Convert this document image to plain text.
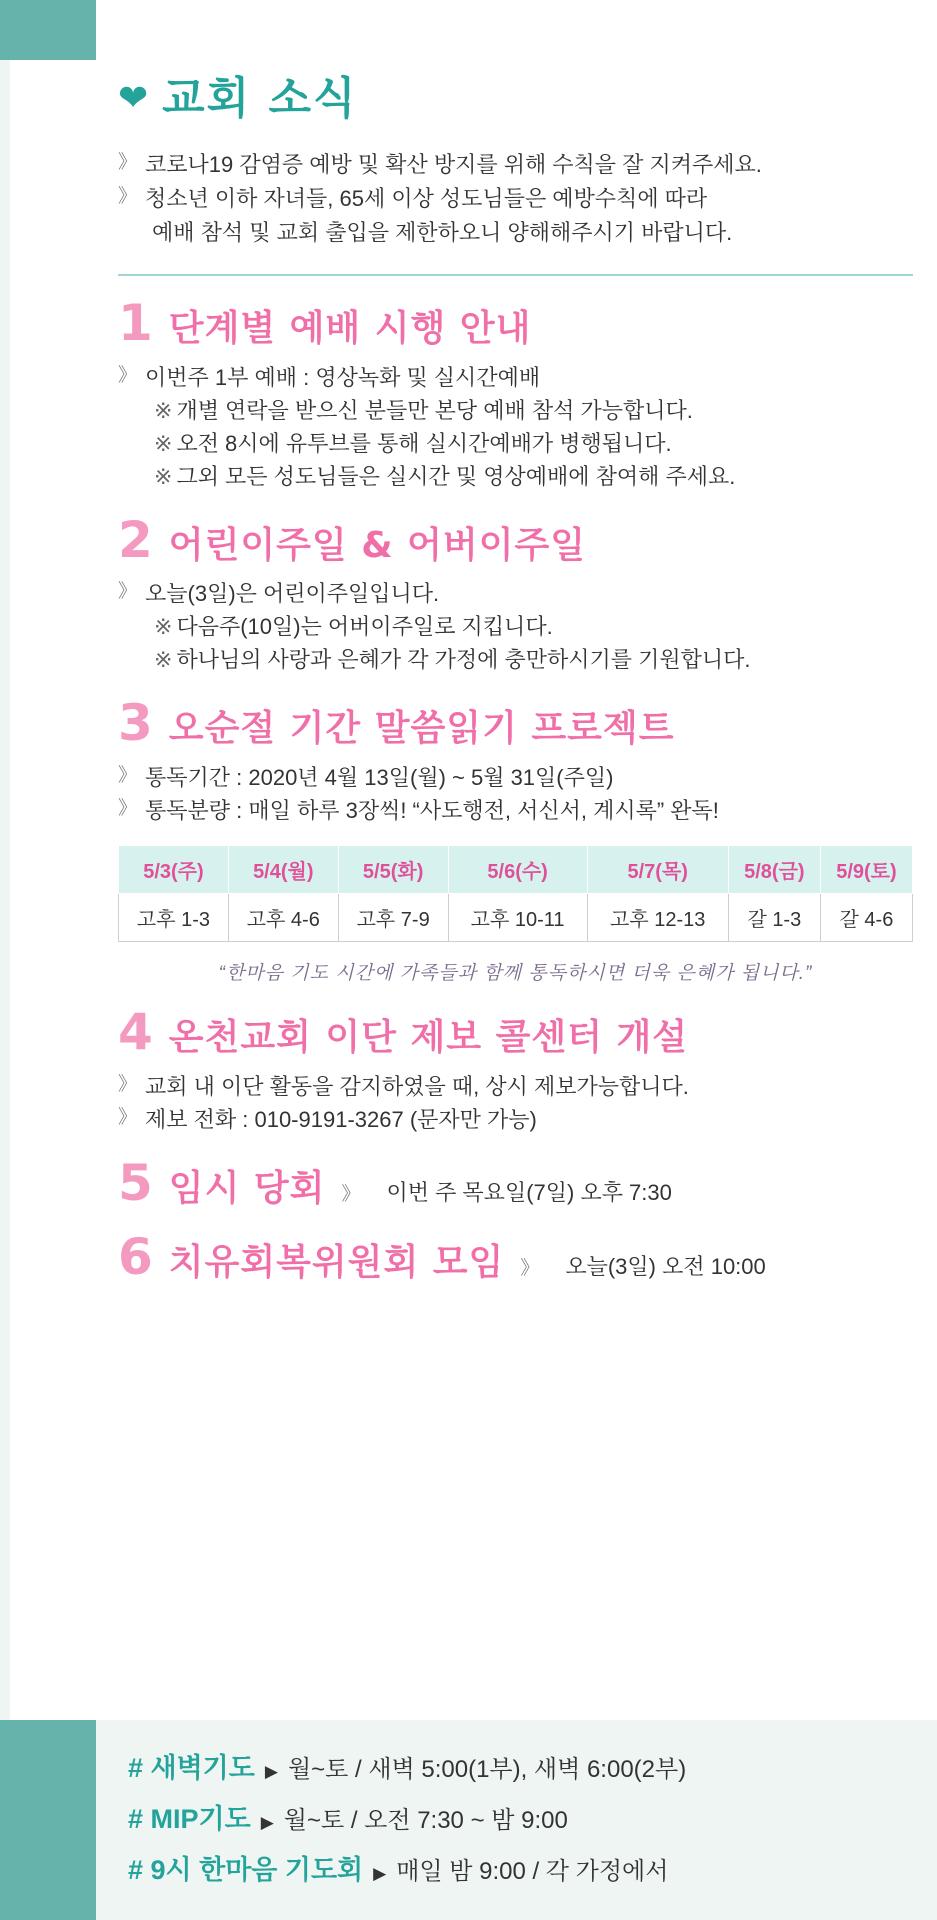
# 새벽기도 ▶ 월~토 / 새벽 5:00(1부), 새벽 6:00(2부)
# MIP기도 ▶ 월~토 / 오전 7:30 ~ 밤 9:00
# 9시 한마음 기도회 ▶ 매일 밤 9:00 / 각 가정에서
❤ 교회 소식
》 코로나19 감염증 예방 및 확산 방지를 위해 수칙을 잘 지켜주세요.
》 청소년 이하 자녀들, 65세 이상 성도님들은 예방수칙에 따라
예배 참석 및 교회 출입을 제한하오니 양해해주시기 바랍니다.
1 단계별 예배 시행 안내
》 이번주 1부 예배 : 영상녹화 및 실시간예배
※ 개별 연락을 받으신 분들만 본당 예배 참석 가능합니다.
※ 오전 8시에 유투브를 통해 실시간예배가 병행됩니다.
※ 그외 모든 성도님들은 실시간 및 영상예배에 참여해 주세요.
2 어린이주일 & 어버이주일
》 오늘(3일)은 어린이주일입니다.
※ 다음주(10일)는 어버이주일로 지킵니다.
※ 하나님의 사랑과 은혜가 각 가정에 충만하시기를 기원합니다.
3 오순절 기간 말씀읽기 프로젝트
》 통독기간 : 2020년 4월 13일(월) ~ 5월 31일(주일)
》 통독분량 : 매일 하루 3장씩! “사도행전, 서신서, 계시록” 완독!
5/3(주)	5/4(월)	5/5(화)	5/6(수)	5/7(목)	5/8(금)	5/9(토)
고후 1-3	고후 4-6	고후 7-9	고후 10-11	고후 12-13	갈 1-3	갈 4-6
“한마음 기도 시간에 가족들과 함께 통독하시면 더욱 은혜가 됩니다.”
4 온천교회 이단 제보 콜센터 개설
》 교회 내 이단 활동을 감지하였을 때, 상시 제보가능합니다.
》 제보 전화 : 010-9191-3267 (문자만 가능)
5 임시 당회 》 이번 주 목요일(7일) 오후 7:30
6 치유회복위원회 모임 》 오늘(3일) 오전 10:00
